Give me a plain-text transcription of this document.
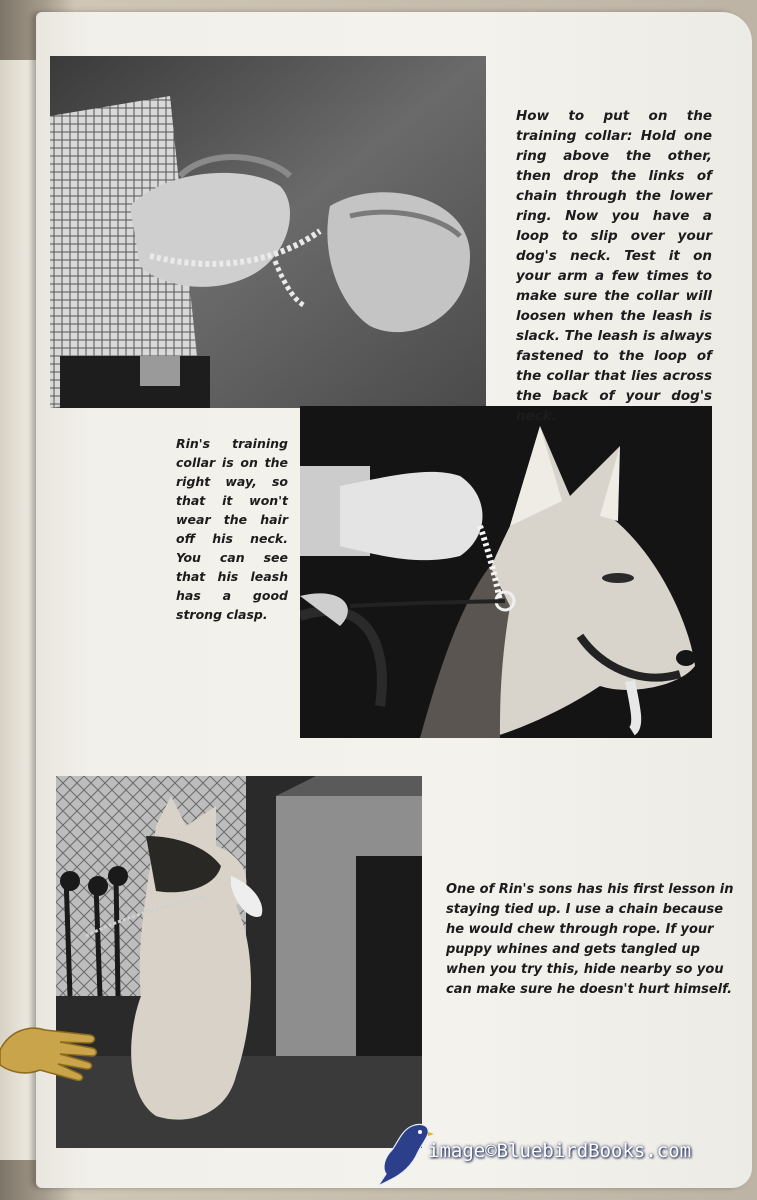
How to put on the training collar: Hold one ring above the other, then drop the links of chain through the lower ring. Now you have a loop to slip over your dog's neck. Test it on your arm a few times to make sure the collar will loosen when the leash is slack. The leash is always fastened to the loop of the collar that lies across the back of your dog's neck.
Rin's training collar is on the right way, so that it won't wear the hair off his neck. You can see that his leash has a good strong clasp.
One of Rin's sons has his first lesson in staying tied up. I use a chain because he would chew through rope. If your puppy whines and gets tangled up when you try this, hide nearby so you can make sure he doesn't hurt himself.
image©BluebirdBooks.com
